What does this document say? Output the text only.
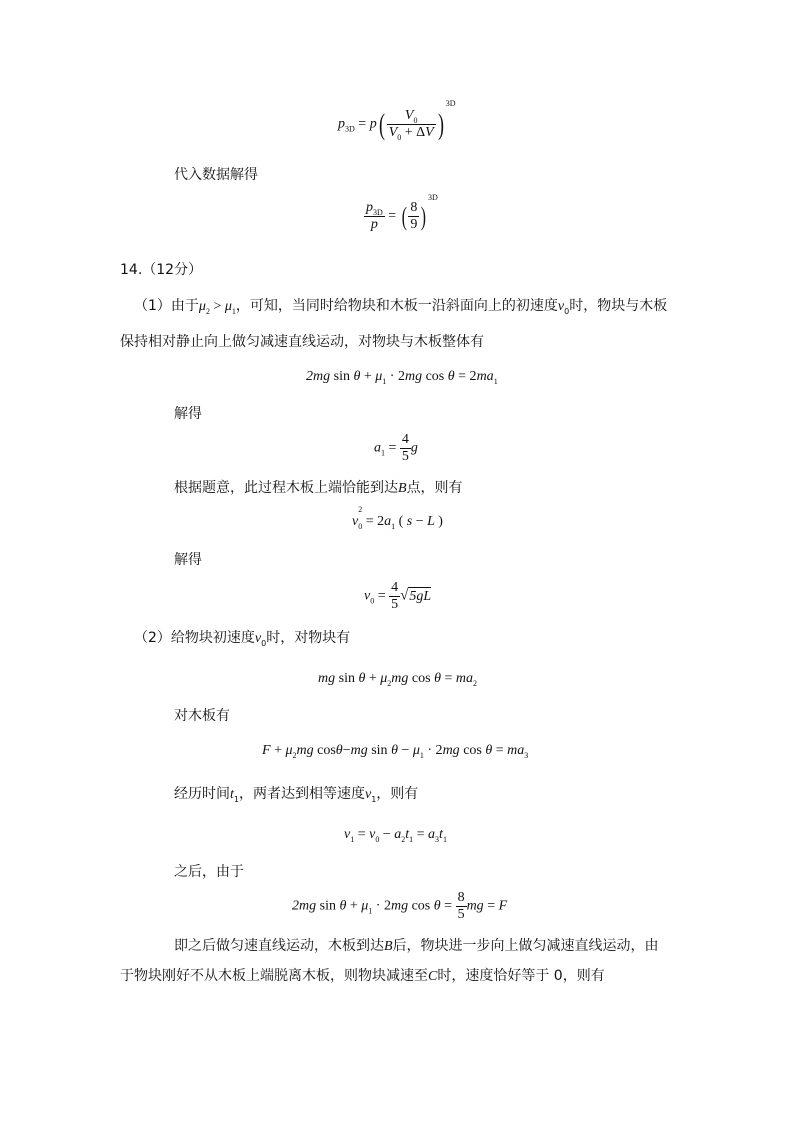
$p_{3D} = p( \frac{V_0}{V_0 + \Delta V} )^{3D}$
代入数据解得
$\frac{p_{3D}}{p}$ = ( $\frac{8}{9} )^{3D}$
14.（12分）
（1）由于$\mu_2 > \mu_1$，可知，当同时给物块和木板一沿斜面向上的初速度$v_0$时，物块与木板
保持相对静止向上做匀减速直线运动，对物块与木板整体有
2mg $\sin \theta + \mu_1 \cdot 2mg$ $\cos \theta = 2ma_1$
解得
$a_1 = \frac{4}{5}$ g
根据题意，此过程木板上端恰能到达B点，则有
v
$_{2 0} = 2a_1$ ( s − L )
解得
$v_0 = \frac{4}{5} √5gL$
（2）给物块初速度$v_0$时，对物块有
mg $\sin \theta + \mu_2mg$ $\cos \theta = ma_2$
对木板有
$F + \mu_2mg$ cosθ−mg $\sin \theta - \mu_1 \cdot 2mg$ $\cos \theta = ma_3$
经历时间$t_1$，两者达到相等速度$v_1$，则有
$v_1 = v_0 - a_2t_1 = a_3t_1$
之后，由于
2mg $\sin \theta + \mu_1 \cdot 2mg$ $\cos \theta = \frac{8}{5}$ mg = F
即之后做匀速直线运动，木板到达B后，物块进一步向上做匀减速直线运动，由
于物块刚好不从木板上端脱离木板，则物块减速至C时，速度恰好等于 0，则有
